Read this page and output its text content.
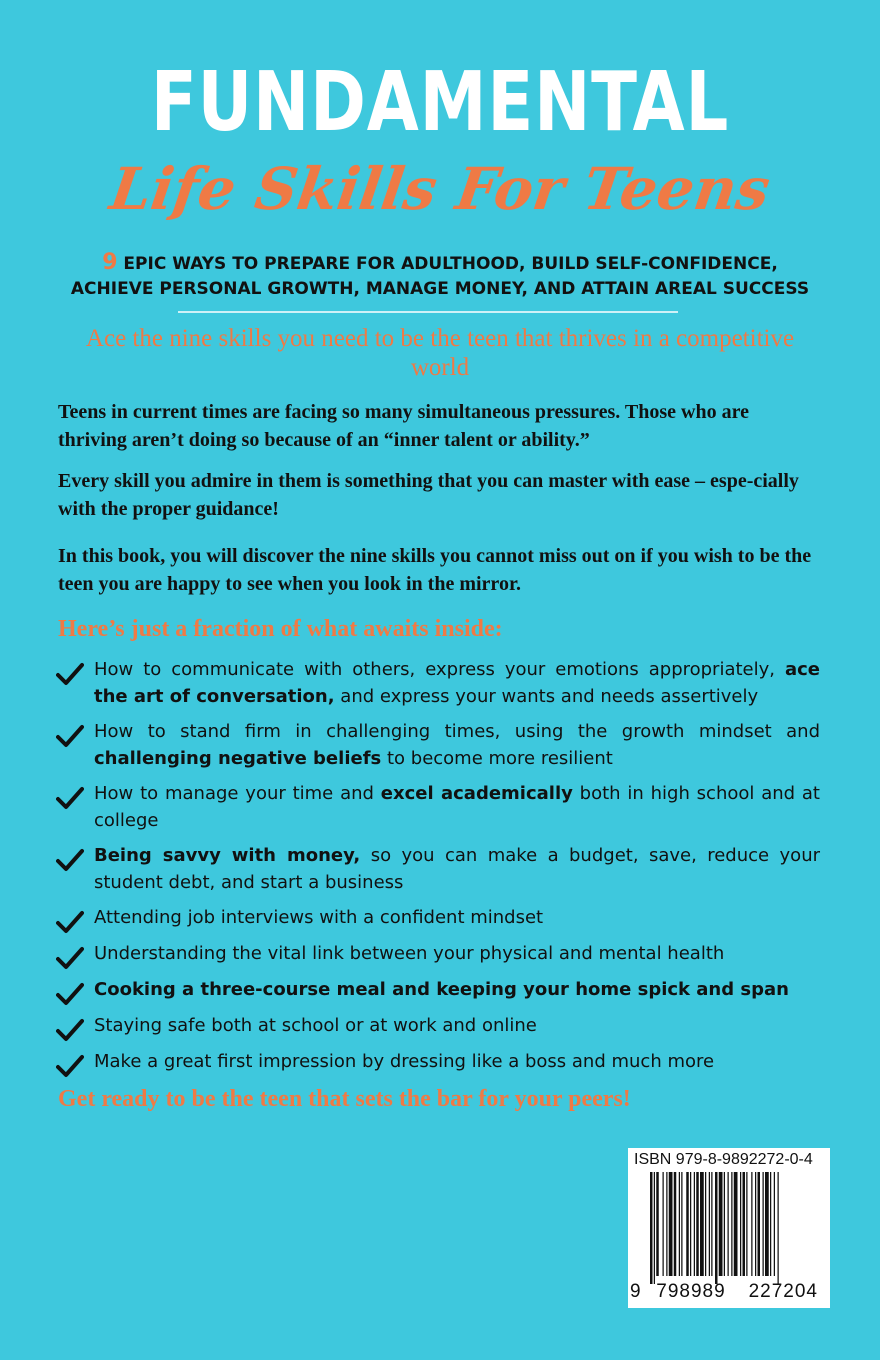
FUNDAMENTAL
Life Skills For Teens
9 EPIC WAYS TO PREPARE FOR ADULTHOOD, BUILD SELF-CONFIDENCE,
ACHIEVE PERSONAL GROWTH, MANAGE MONEY, AND ATTAIN AREAL SUCCESS
Ace the nine skills you need to be the teen that thrives in a competitive world

Teens in current times are facing so many simultaneous pressures. Those who are thriving aren’t doing so because of an “inner talent or ability.”

Every skill you admire in them is something that you can master with ease – espe-cially with the proper guidance!

In this book, you will discover the nine skills you cannot miss out on if you wish to be the teen you are happy to see when you look in the mirror.

Here’s just a fraction of what awaits inside:
How to communicate with others, express your emotions appropriately, ace the art of conversation, and express your wants and needs assertively
How to stand firm in challenging times, using the growth mindset and challenging negative beliefs to become more resilient
How to manage your time and excel academically both in high school and at college
Being savvy with money, so you can make a budget, save, reduce your student debt, and start a business
Attending job interviews with a confident mindset
Understanding the vital link between your physical and mental health
Cooking a three-course meal and keeping your home spick and span
Staying safe both at school or at work and online
Make a great first impression by dressing like a boss and much more
Get ready to be the teen that sets the bar for your peers!
ISBN 979-8-9892272-0-4
9 798989 227204
